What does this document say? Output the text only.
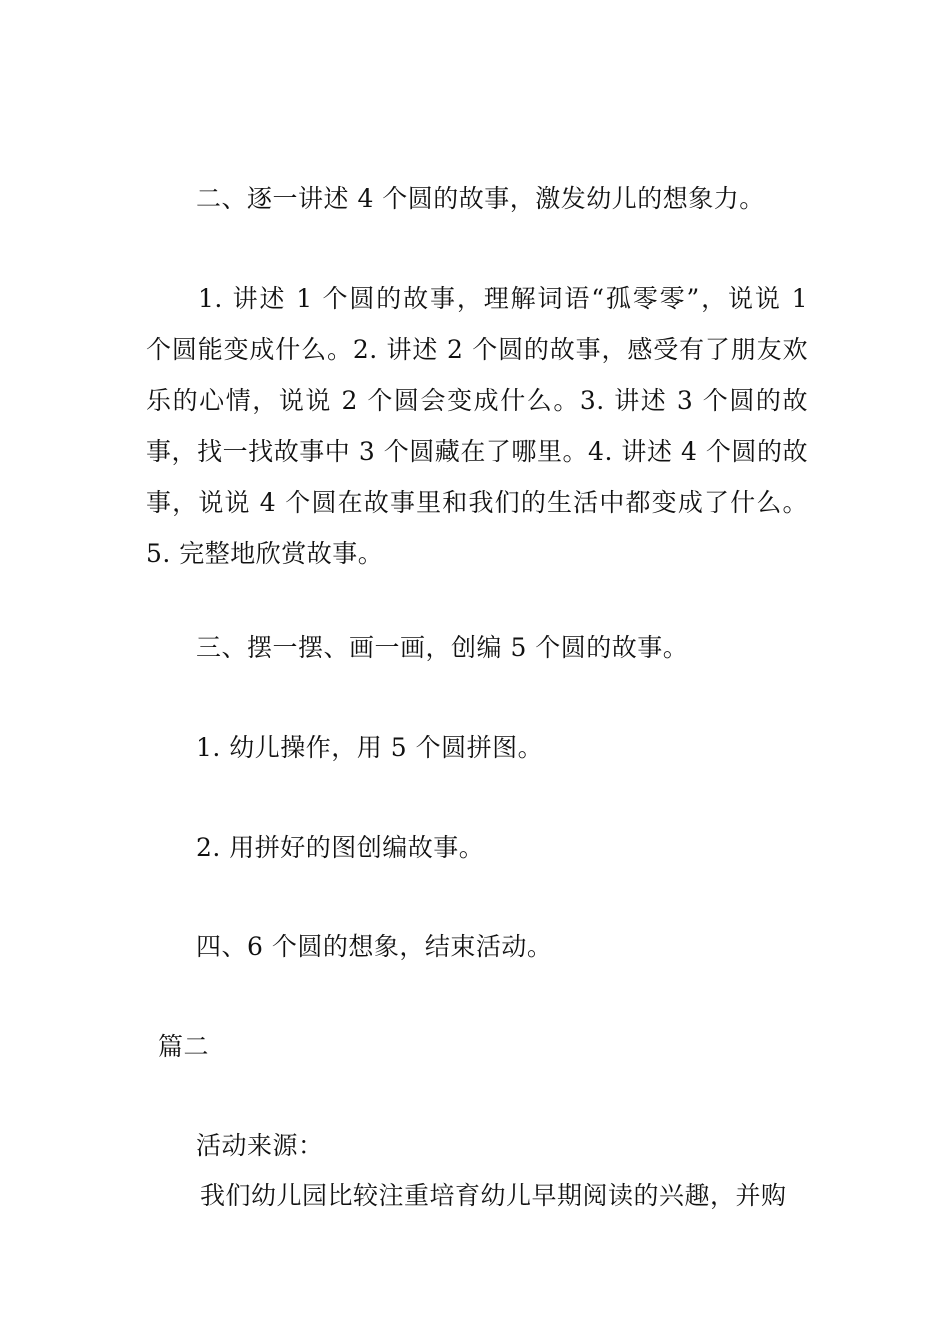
二、逐一讲述 4 个圆的故事，激发幼儿的想象力。
1. 讲述 1 个圆的故事，理解词语“孤零零”，说说 1 个圆能变成什么。2. 讲述 2 个圆的故事，感受有了朋友欢乐的心情，说说 2 个圆会变成什么。3. 讲述 3 个圆的故事，找一找故事中 3 个圆藏在了哪里。4. 讲述 4 个圆的故事，说说 4 个圆在故事里和我们的生活中都变成了什么。5. 完整地欣赏故事。
三、摆一摆、画一画，创编 5 个圆的故事。
1. 幼儿操作，用 5 个圆拼图。
2. 用拼好的图创编故事。
四、6 个圆的想象，结束活动。
篇二
活动来源：
我们幼儿园比较注重培育幼儿早期阅读的兴趣，并购
